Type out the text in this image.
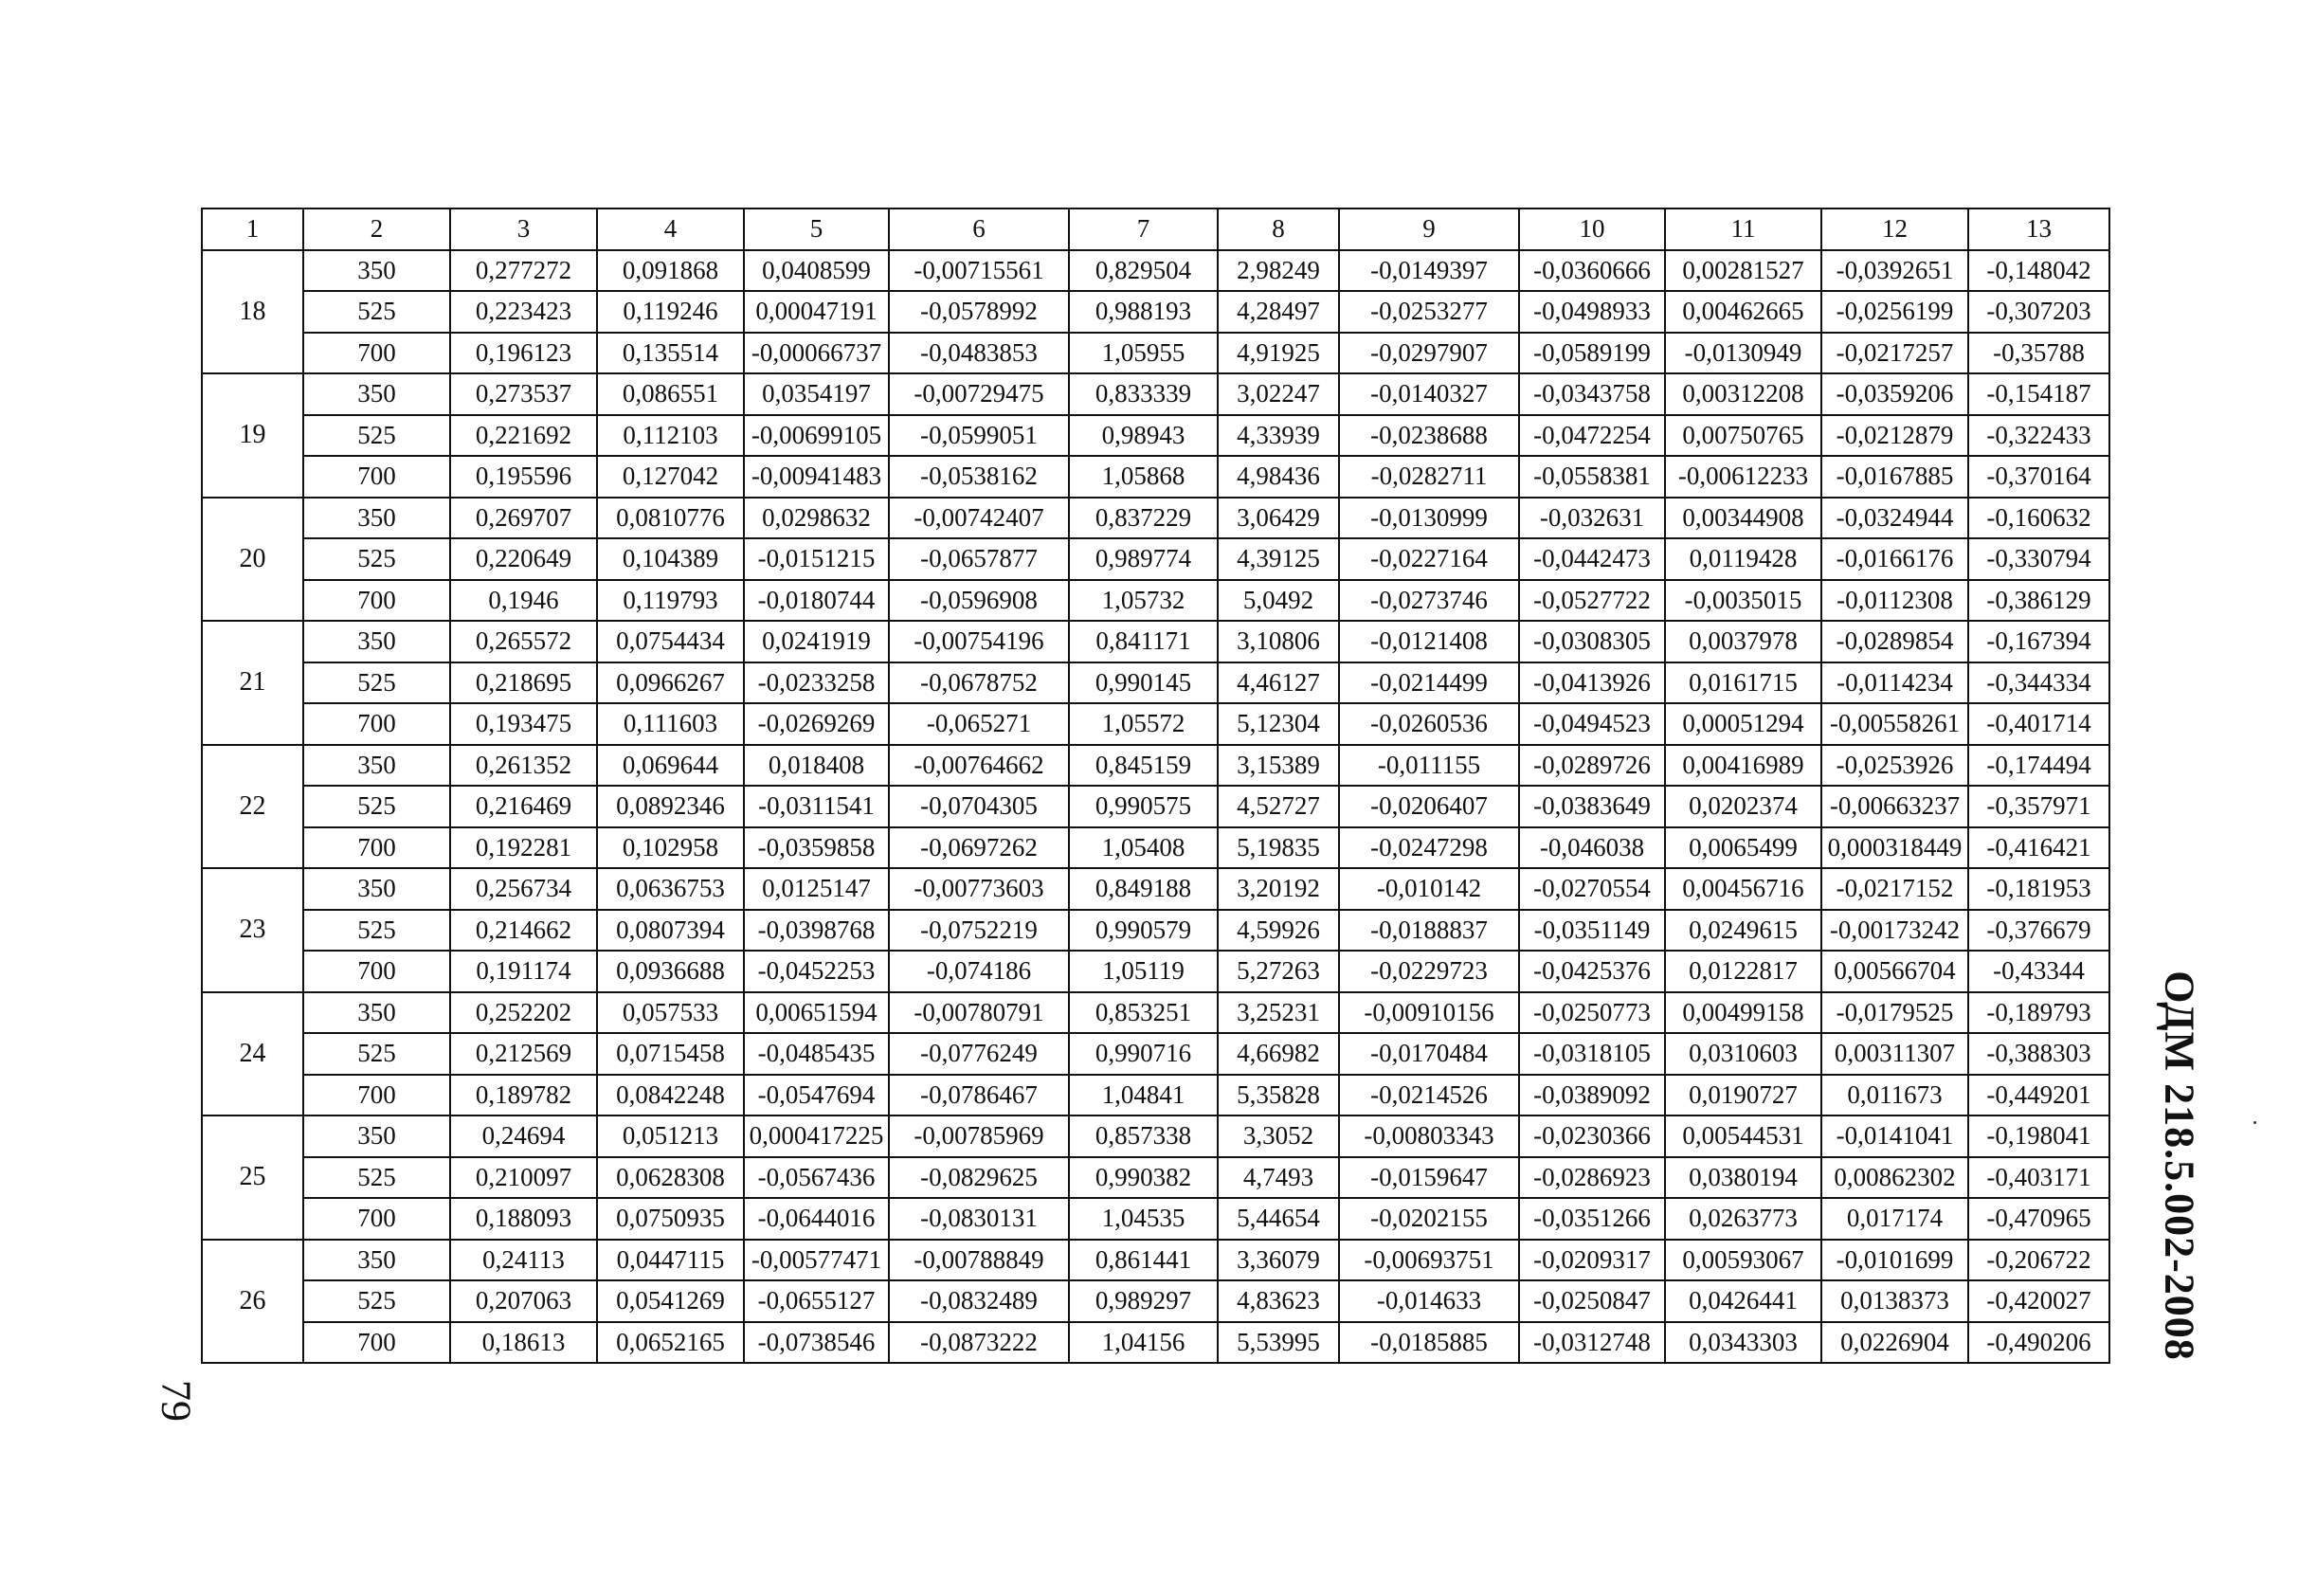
1	2	3	4	5	6	7	8	9	10	11	12	13
18	350	0,277272	0,091868	0,0408599	-0,00715561	0,829504	2,98249	-0,0149397	-0,0360666	0,00281527	-0,0392651	-0,148042
	525	0,223423	0,119246	0,00047191	-0,0578992	0,988193	4,28497	-0,0253277	-0,0498933	0,00462665	-0,0256199	-0,307203
	700	0,196123	0,135514	-0,00066737	-0,0483853	1,05955	4,91925	-0,0297907	-0,0589199	-0,0130949	-0,0217257	-0,35788
19	350	0,273537	0,086551	0,0354197	-0,00729475	0,833339	3,02247	-0,0140327	-0,0343758	0,00312208	-0,0359206	-0,154187
	525	0,221692	0,112103	-0,00699105	-0,0599051	0,98943	4,33939	-0,0238688	-0,0472254	0,00750765	-0,0212879	-0,322433
	700	0,195596	0,127042	-0,00941483	-0,0538162	1,05868	4,98436	-0,0282711	-0,0558381	-0,00612233	-0,0167885	-0,370164
20	350	0,269707	0,0810776	0,0298632	-0,00742407	0,837229	3,06429	-0,0130999	-0,032631	0,00344908	-0,0324944	-0,160632
	525	0,220649	0,104389	-0,0151215	-0,0657877	0,989774	4,39125	-0,0227164	-0,0442473	0,0119428	-0,0166176	-0,330794
	700	0,1946	0,119793	-0,0180744	-0,0596908	1,05732	5,0492	-0,0273746	-0,0527722	-0,0035015	-0,0112308	-0,386129
21	350	0,265572	0,0754434	0,0241919	-0,00754196	0,841171	3,10806	-0,0121408	-0,0308305	0,0037978	-0,0289854	-0,167394
	525	0,218695	0,0966267	-0,0233258	-0,0678752	0,990145	4,46127	-0,0214499	-0,0413926	0,0161715	-0,0114234	-0,344334
	700	0,193475	0,111603	-0,0269269	-0,065271	1,05572	5,12304	-0,0260536	-0,0494523	0,00051294	-0,00558261	-0,401714
22	350	0,261352	0,069644	0,018408	-0,00764662	0,845159	3,15389	-0,011155	-0,0289726	0,00416989	-0,0253926	-0,174494
	525	0,216469	0,0892346	-0,0311541	-0,0704305	0,990575	4,52727	-0,0206407	-0,0383649	0,0202374	-0,00663237	-0,357971
	700	0,192281	0,102958	-0,0359858	-0,0697262	1,05408	5,19835	-0,0247298	-0,046038	0,0065499	0,000318449	-0,416421
23	350	0,256734	0,0636753	0,0125147	-0,00773603	0,849188	3,20192	-0,010142	-0,0270554	0,00456716	-0,0217152	-0,181953
	525	0,214662	0,0807394	-0,0398768	-0,0752219	0,990579	4,59926	-0,0188837	-0,0351149	0,0249615	-0,00173242	-0,376679
	700	0,191174	0,0936688	-0,0452253	-0,074186	1,05119	5,27263	-0,0229723	-0,0425376	0,0122817	0,00566704	-0,43344
24	350	0,252202	0,057533	0,00651594	-0,00780791	0,853251	3,25231	-0,00910156	-0,0250773	0,00499158	-0,0179525	-0,189793
	525	0,212569	0,0715458	-0,0485435	-0,0776249	0,990716	4,66982	-0,0170484	-0,0318105	0,0310603	0,00311307	-0,388303
	700	0,189782	0,0842248	-0,0547694	-0,0786467	1,04841	5,35828	-0,0214526	-0,0389092	0,0190727	0,011673	-0,449201
25	350	0,24694	0,051213	0,000417225	-0,00785969	0,857338	3,3052	-0,00803343	-0,0230366	0,00544531	-0,0141041	-0,198041
	525	0,210097	0,0628308	-0,0567436	-0,0829625	0,990382	4,7493	-0,0159647	-0,0286923	0,0380194	0,00862302	-0,403171
	700	0,188093	0,0750935	-0,0644016	-0,0830131	1,04535	5,44654	-0,0202155	-0,0351266	0,0263773	0,017174	-0,470965
26	350	0,24113	0,0447115	-0,00577471	-0,00788849	0,861441	3,36079	-0,00693751	-0,0209317	0,00593067	-0,0101699	-0,206722
	525	0,207063	0,0541269	-0,0655127	-0,0832489	0,989297	4,83623	-0,014633	-0,0250847	0,0426441	0,0138373	-0,420027
	700	0,18613	0,0652165	-0,0738546	-0,0873222	1,04156	5,53995	-0,0185885	-0,0312748	0,0343303	0,0226904	-0,490206 ОДМ 218.5.002-2008
79
